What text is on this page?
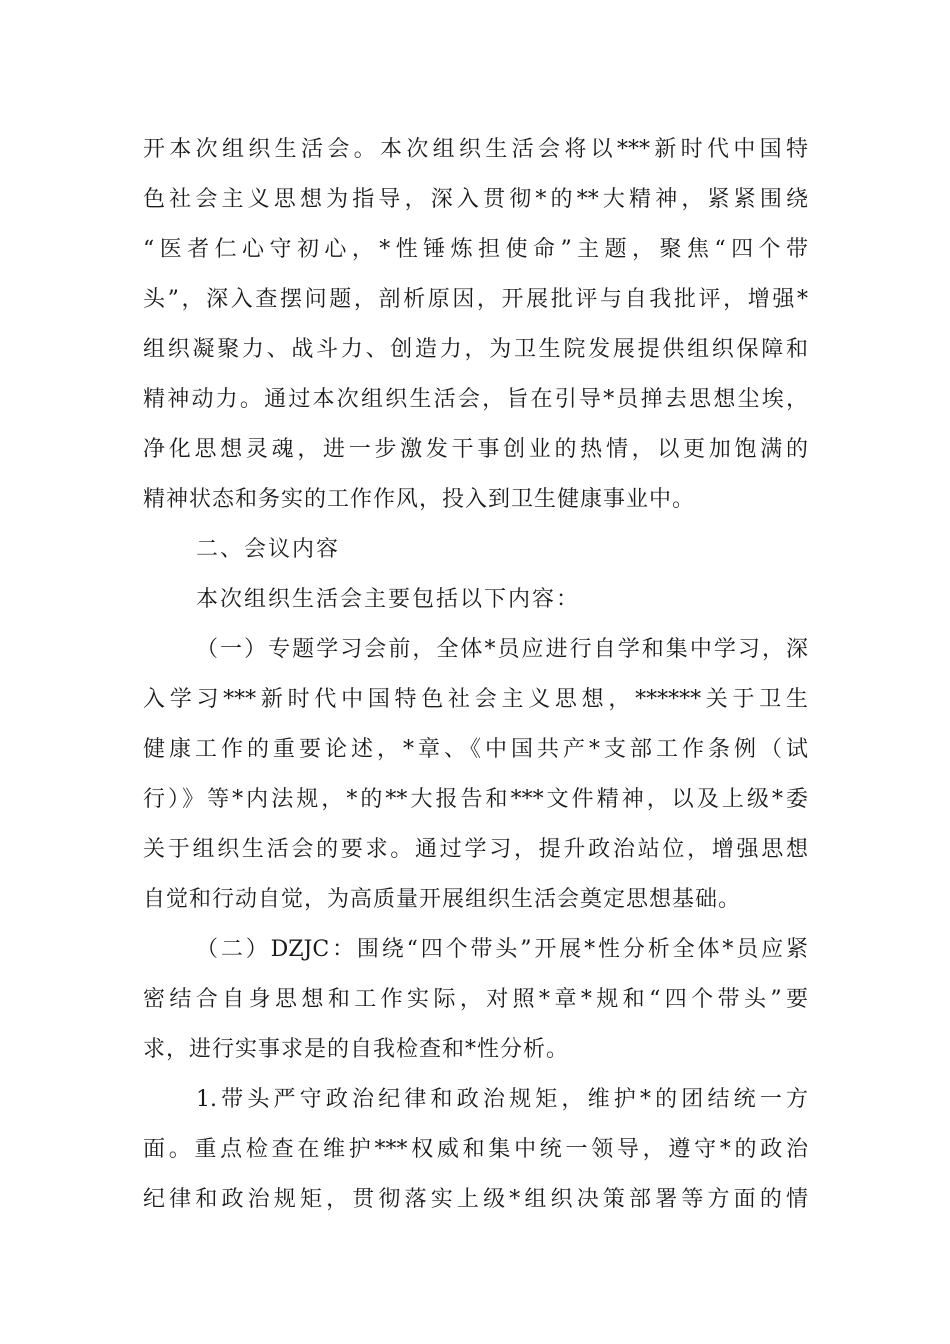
开本次组织生活会。本次组织生活会将以***新时代中国特
色社会主义思想为指导，深入贯彻*的**大精神，紧紧围绕
“医者仁心守初心，*性锤炼担使命”主题，聚焦“四个带
头”，深入查摆问题，剖析原因，开展批评与自我批评，增强*
组织凝聚力、战斗力、创造力，为卫生院发展提供组织保障和
精神动力。通过本次组织生活会，旨在引导*员掸去思想尘埃，
净化思想灵魂，进一步激发干事创业的热情，以更加饱满的
精神状态和务实的工作作风，投入到卫生健康事业中。
二、会议内容
本次组织生活会主要包括以下内容：
（一）专题学习会前，全体*员应进行自学和集中学习，深
入学习***新时代中国特色社会主义思想，******关于卫生
健康工作的重要论述，*章、《中国共产*支部工作条例（试
行）》等*内法规，*的**大报告和***文件精神，以及上级*委
关于组织生活会的要求。通过学习，提升政治站位，增强思想
自觉和行动自觉，为高质量开展组织生活会奠定思想基础。
（二）DZJC：围绕“四个带头”开展*性分析全体*员应紧
密结合自身思想和工作实际，对照*章*规和“四个带头”要
求，进行实事求是的自我检查和*性分析。
1.带头严守政治纪律和政治规矩，维护*的团结统一方
面。重点检查在维护***权威和集中统一领导，遵守*的政治
纪律和政治规矩，贯彻落实上级*组织决策部署等方面的情
